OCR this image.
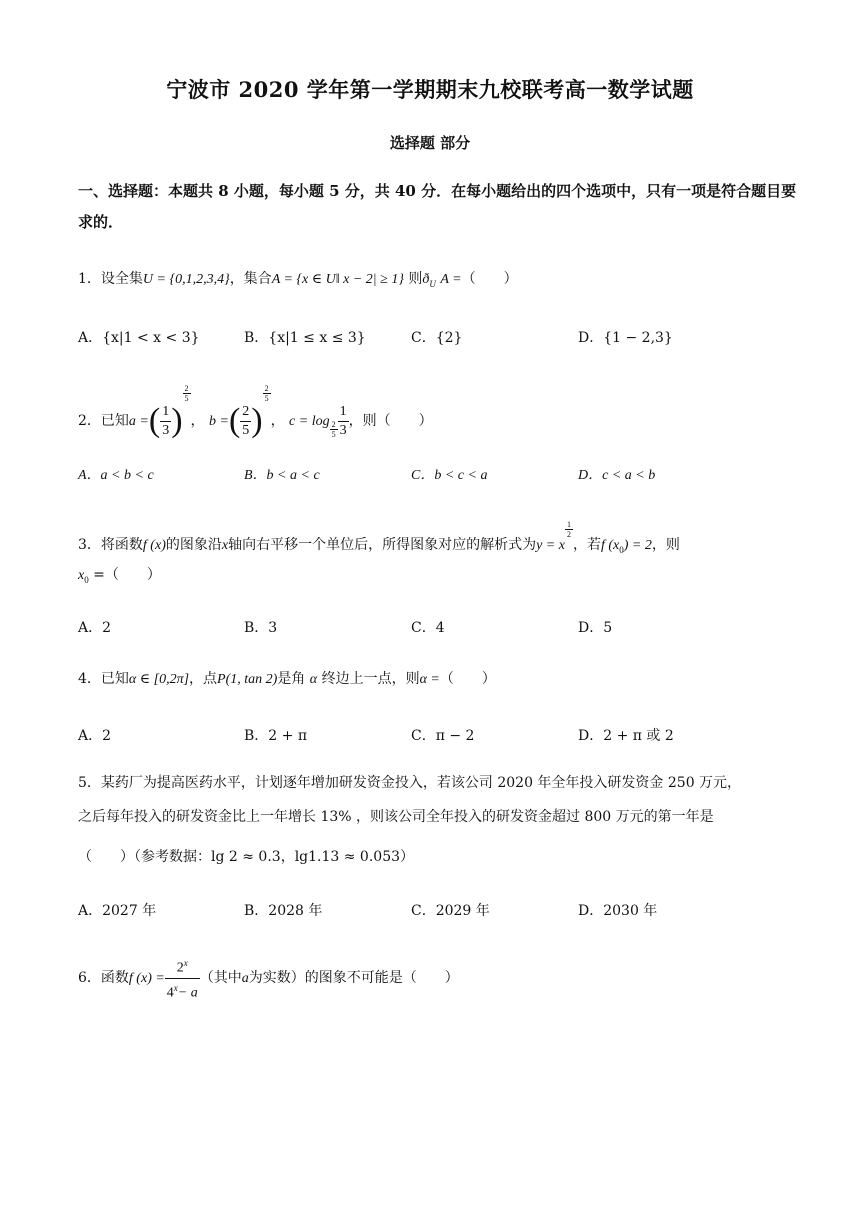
宁波市 2020 学年第一学期期末九校联考高一数学试题
选择题 部分
一、选择题：本题共 8 小题，每小题 5 分，共 40 分．在每小题给出的四个选项中，只有一项是符合题目要求的．
1．设全集U = {0,1,2,3,4}，集合A = {x ∈ U‖ x − 2| ≥ 1} 则$ð_U$ A =（　　）
A．{x|1 < x < 3}	B．{x|1 ≤ x ≤ 3}	C．{2}	D．{1 − 2,3}
2．已知a =( $\frac{1}{3}$ )
$\frac{2}{5}$
， b =( $\frac{2}{5}$ )
$\frac{2}{5}$
， $c = \log \frac{2}{5} \frac{1}{3}$ ，则（　　）
A．a < b < c	B．b < a < c	C．b < c < a	D．c < a < b
3．将函数f (x)的图象沿x轴向右平移一个单位后，所得图象对应的解析式为y = x
$\frac{1}{2}$
，若f $(x_0) = 2$，则
$x_0$ =（　　）
A．2	B．3	C．4	D．5
4．已知α ∈ [0,2π]，点P(1, tan 2)是角 α 终边上一点，则α =（　　）
A．2	B．2 + π	C．π − 2	D．2 + π 或 2
5．某药厂为提高医药水平，计划逐年增加研发资金投入，若该公司 2020 年全年投入研发资金 250 万元，
之后每年投入的研发资金比上一年增长 13% ，则该公司全年投入的研发资金超过 800 万元的第一年是
（　　）（参考数据：lg 2 ≈ 0.3，lg1.13 ≈ 0.053）
A．2027 年	B．2028 年	C．2029 年	D．2030 年
6．函数f $(x) = \frac{2^x}{4^x- a}$ （其中a为实数）的图象不可能是（　　）
